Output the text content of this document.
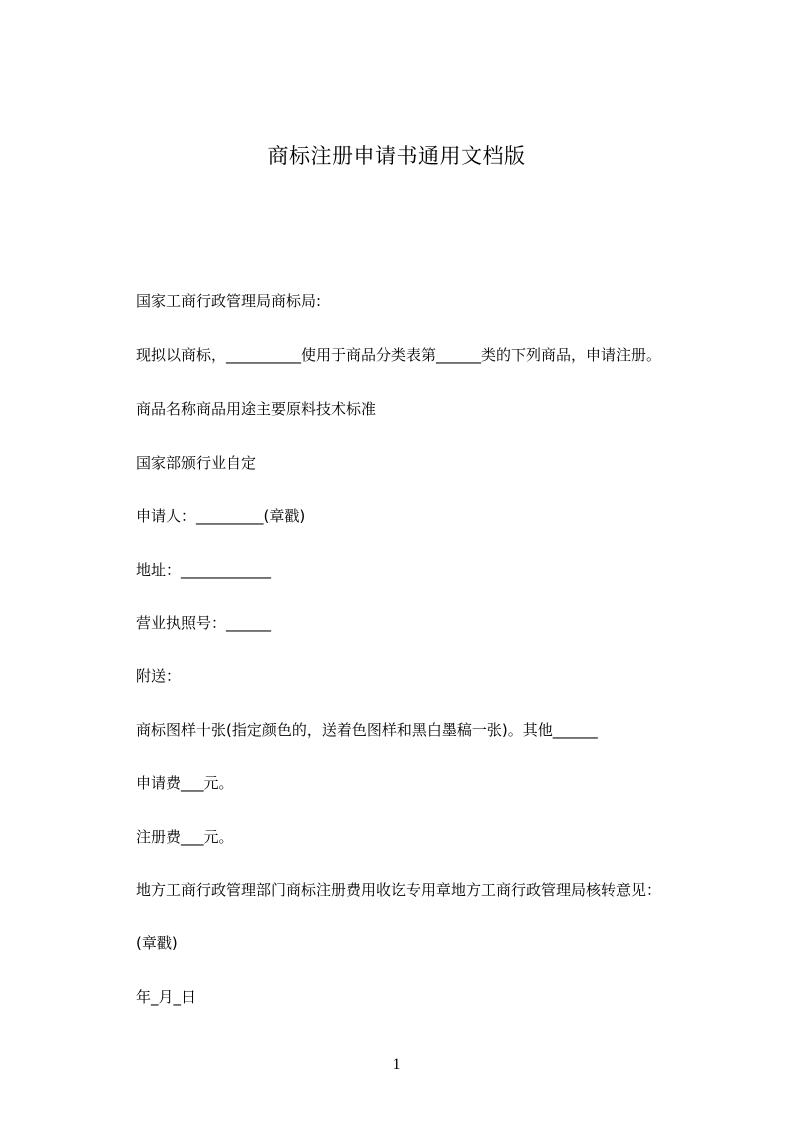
商标注册申请书通用文档版
国家工商行政管理局商标局:
现拟以商标，__________使用于商品分类表第______类的下列商品，申请注册。
商品名称商品用途主要原料技术标准
国家部颁行业自定
申请人：_________(章戳)
地址：____________
营业执照号：______
附送：
商标图样十张(指定颜色的，送着色图样和黑白墨稿一张)。其他______
申请费___元。
注册费___元。
地方工商行政管理部门商标注册费用收讫专用章地方工商行政管理局核转意见：
(章戳)
年_月_日
1
